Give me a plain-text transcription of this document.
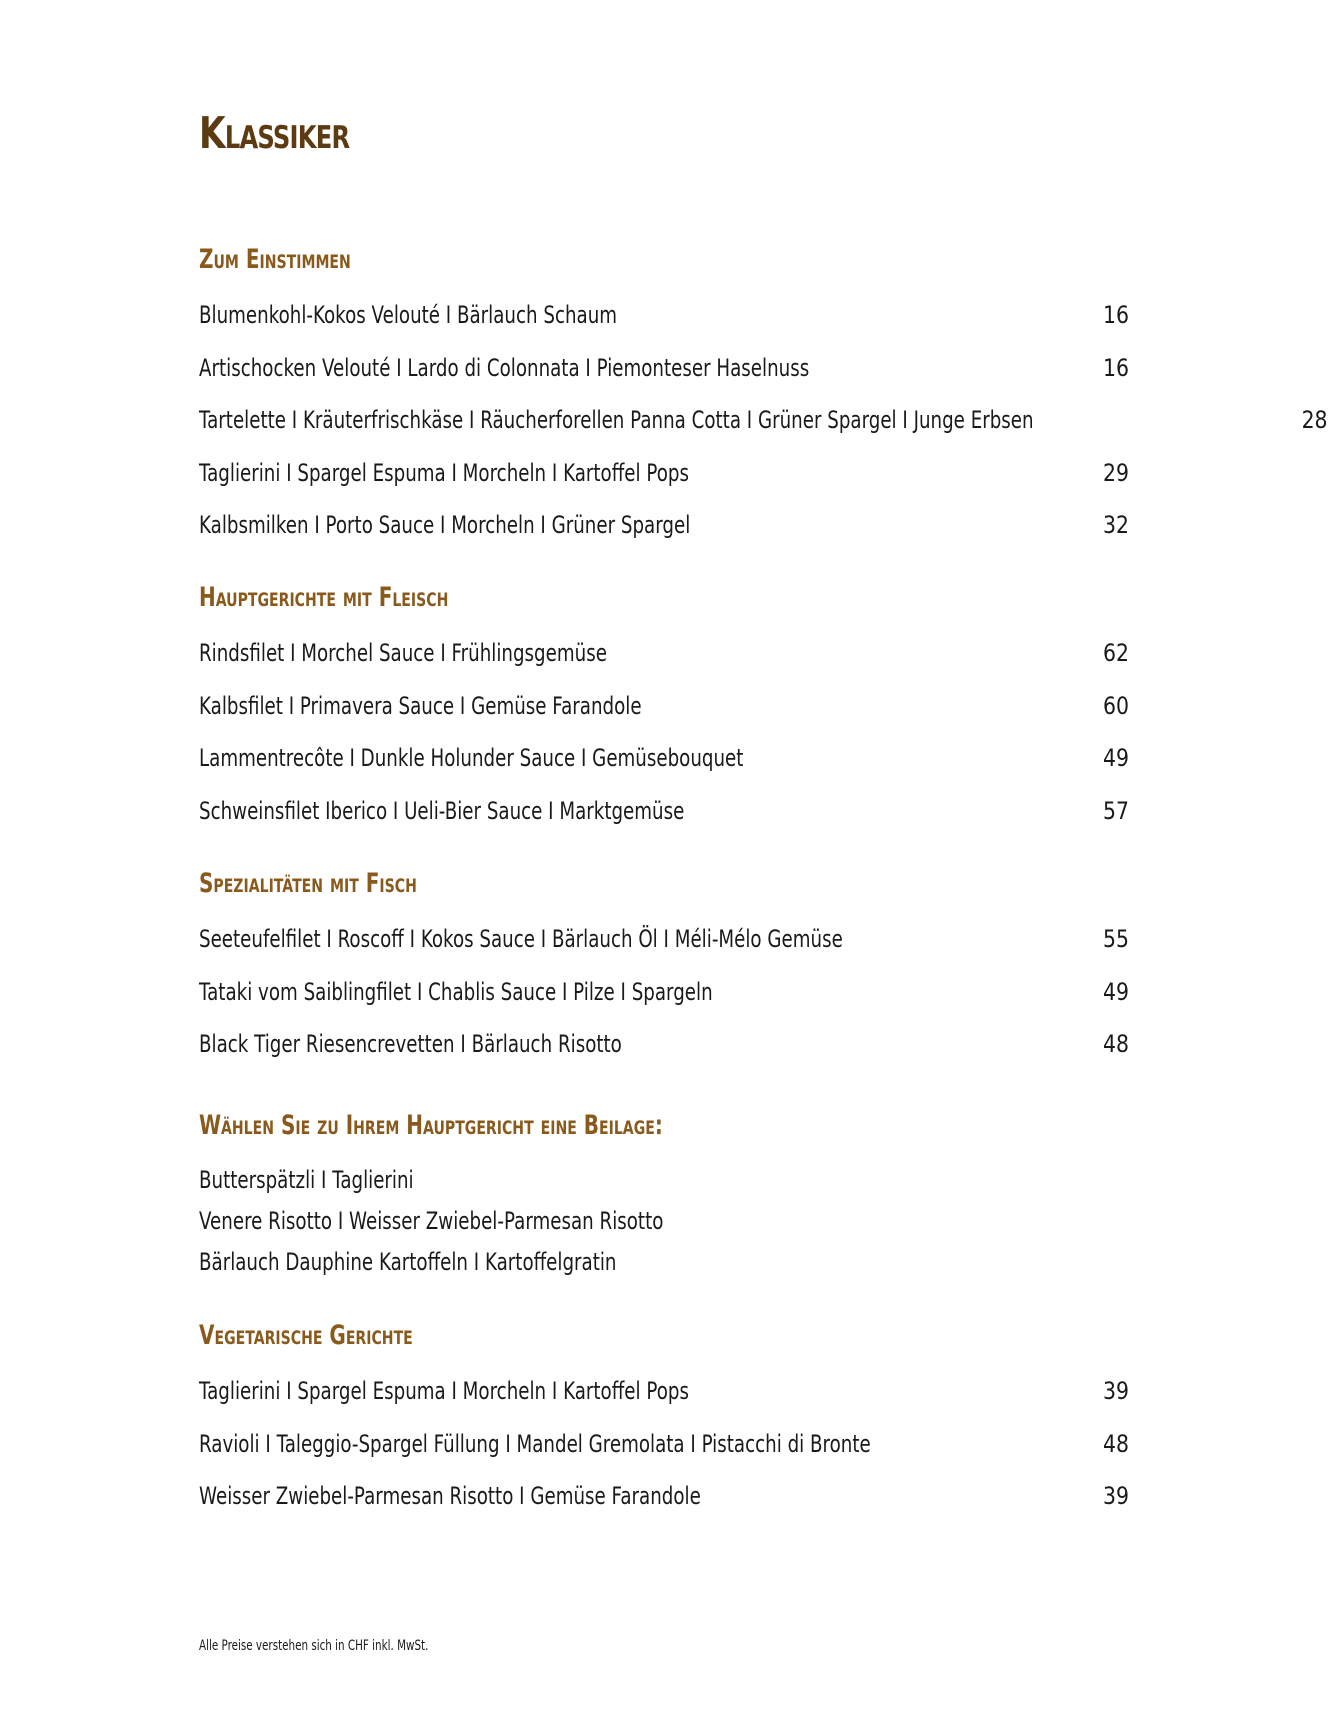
Klassiker
Zum Einstimmen
Blumenkohl-Kokos Velouté I Bärlauch Schaum	16
Artischocken Velouté I Lardo di Colonnata I Piemonteser Haselnuss	16
Tartelette I Kräuterfrischkäse I Räucherforellen Panna Cotta I Grüner Spargel I Junge Erbsen	28
Taglierini I Spargel Espuma I Morcheln I Kartoffel Pops	29
Kalbsmilken I Porto Sauce I Morcheln I Grüner Spargel	32
Hauptgerichte mit Fleisch
Rindsfilet I Morchel Sauce I Frühlingsgemüse	62
Kalbsfilet I Primavera Sauce I Gemüse Farandole	60
Lammentrecôte I Dunkle Holunder Sauce I Gemüsebouquet	49
Schweinsfilet Iberico I Ueli-Bier Sauce I Marktgemüse	57
Spezialitäten mit Fisch
Seeteufelfilet I Roscoff I Kokos Sauce I Bärlauch Öl I Méli-Mélo Gemüse	55
Tataki vom Saiblingfilet I Chablis Sauce I Pilze I Spargeln	49
Black Tiger Riesencrevetten I Bärlauch Risotto	48
Wählen Sie zu Ihrem Hauptgericht eine Beilage:
Butterspätzli I Taglierini
Venere Risotto I Weisser Zwiebel-Parmesan Risotto
Bärlauch Dauphine Kartoffeln I Kartoffelgratin
Vegetarische Gerichte
Taglierini I Spargel Espuma I Morcheln I Kartoffel Pops	39
Ravioli I Taleggio-Spargel Füllung I Mandel Gremolata I Pistacchi di Bronte	48
Weisser Zwiebel-Parmesan Risotto I Gemüse Farandole	39
Alle Preise verstehen sich in CHF inkl. MwSt.
